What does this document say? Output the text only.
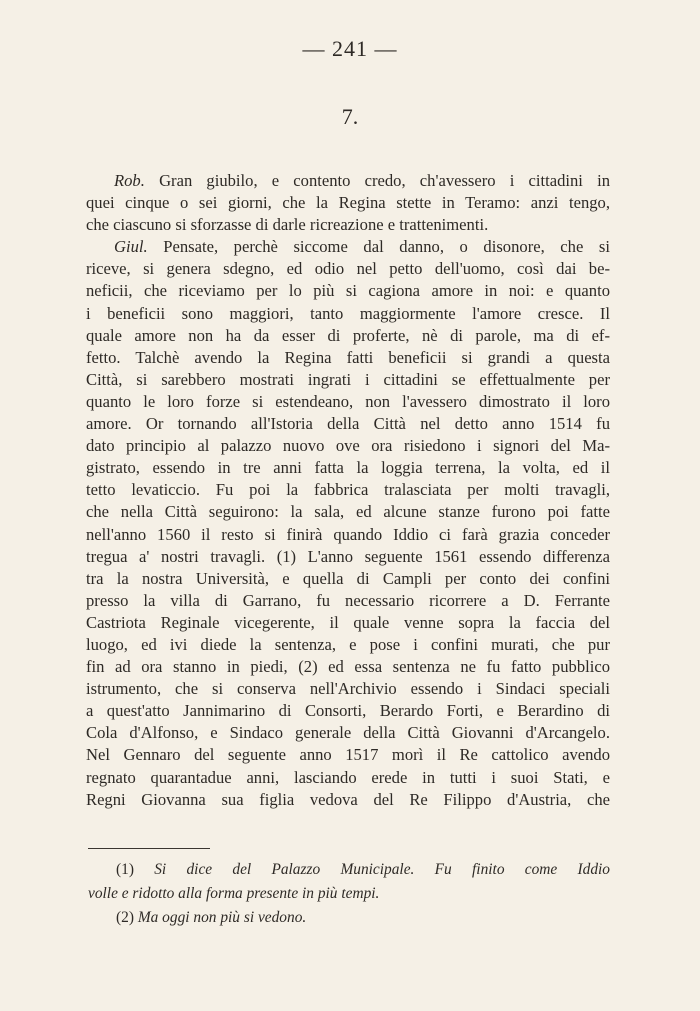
— 241 —
7.
Rob. Gran giubilo, e contento credo, ch'avessero i cittadini in
quei cinque o sei giorni, che la Regina stette in Teramo: anzi tengo,
che ciascuno si sforzasse di darle ricreazione e trattenimenti.
Giul. Pensate, perchè siccome dal danno, o disonore, che si
riceve, si genera sdegno, ed odio nel petto dell'uomo, così dai be-
neficii, che riceviamo per lo più si cagiona amore in noi: e quanto
i beneficii sono maggiori, tanto maggiormente l'amore cresce. Il
quale amore non ha da esser di proferte, nè di parole, ma di ef-
fetto. Talchè avendo la Regina fatti beneficii si grandi a questa
Città, si sarebbero mostrati ingrati i cittadini se effettualmente per
quanto le loro forze si estendeano, non l'avessero dimostrato il loro
amore. Or tornando all'Istoria della Città nel detto anno 1514 fu
dato principio al palazzo nuovo ove ora risiedono i signori del Ma-
gistrato, essendo in tre anni fatta la loggia terrena, la volta, ed il
tetto levaticcio. Fu poi la fabbrica tralasciata per molti travagli,
che nella Città seguirono: la sala, ed alcune stanze furono poi fatte
nell'anno 1560 il resto si finirà quando Iddio ci farà grazia conceder
tregua a' nostri travagli. (1) L'anno seguente 1561 essendo differenza
tra la nostra Università, e quella di Campli per conto dei confini
presso la villa di Garrano, fu necessario ricorrere a D. Ferrante
Castriota Reginale vicegerente, il quale venne sopra la faccia del
luogo, ed ivi diede la sentenza, e pose i confini murati, che pur
fin ad ora stanno in piedi, (2) ed essa sentenza ne fu fatto pubblico
istrumento, che si conserva nell'Archivio essendo i Sindaci speciali
a quest'atto Jannimarino di Consorti, Berardo Forti, e Berardino di
Cola d'Alfonso, e Sindaco generale della Città Giovanni d'Arcangelo.
Nel Gennaro del seguente anno 1517 morì il Re cattolico avendo
regnato quarantadue anni, lasciando erede in tutti i suoi Stati, e
Regni Giovanna sua figlia vedova del Re Filippo d'Austria, che
(1) Si dice del Palazzo Municipale. Fu finito come Iddio
volle e ridotto alla forma presente in più tempi.
(2) Ma oggi non più si vedono.
